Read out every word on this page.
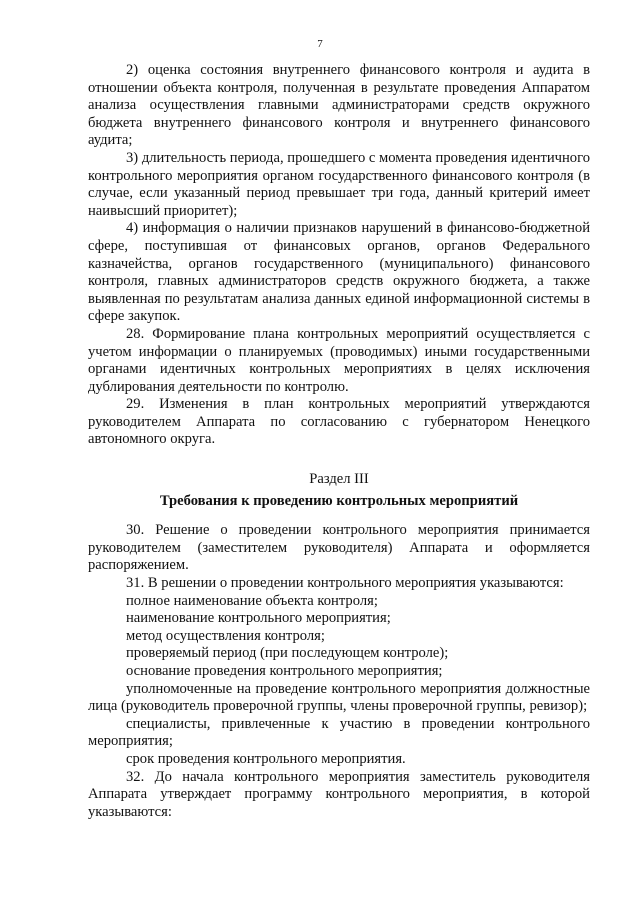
7

2) оценка состояния внутреннего финансового контроля и аудита в отношении объекта контроля, полученная в результате проведения Аппаратом анализа осуществления главными администраторами средств окружного бюджета внутреннего финансового контроля и внутреннего финансового аудита;

3) длительность периода, прошедшего с момента проведения идентичного контрольного мероприятия органом государственного финансового контроля (в случае, если указанный период превышает три года, данный критерий имеет наивысший приоритет);

4) информация о наличии признаков нарушений в финансово-бюджетной сфере, поступившая от финансовых органов, органов Федерального казначейства, органов государственного (муниципального) финансового контроля, главных администраторов средств окружного бюджета, а также выявленная по результатам анализа данных единой информационной системы в сфере закупок.

28. Формирование плана контрольных мероприятий осуществляется с учетом информации о планируемых (проводимых) иными государственными органами идентичных контрольных мероприятиях в целях исключения дублирования деятельности по контролю.

29. Изменения в план контрольных мероприятий утверждаются руководителем Аппарата по согласованию с губернатором Ненецкого автономного округа.

Раздел III
Требования к проведению контрольных мероприятий

30. Решение о проведении контрольного мероприятия принимается руководителем (заместителем руководителя) Аппарата и оформляется распоряжением.

31. В решении о проведении контрольного мероприятия указываются:

полное наименование объекта контроля;

наименование контрольного мероприятия;

метод осуществления контроля;

проверяемый период (при последующем контроле);

основание проведения контрольного мероприятия;

уполномоченные на проведение контрольного мероприятия должностные лица (руководитель проверочной группы, члены проверочной группы, ревизор);

специалисты, привлеченные к участию в проведении контрольного мероприятия;

срок проведения контрольного мероприятия.

32. До начала контрольного мероприятия заместитель руководителя Аппарата утверждает программу контрольного мероприятия, в которой указываются:
